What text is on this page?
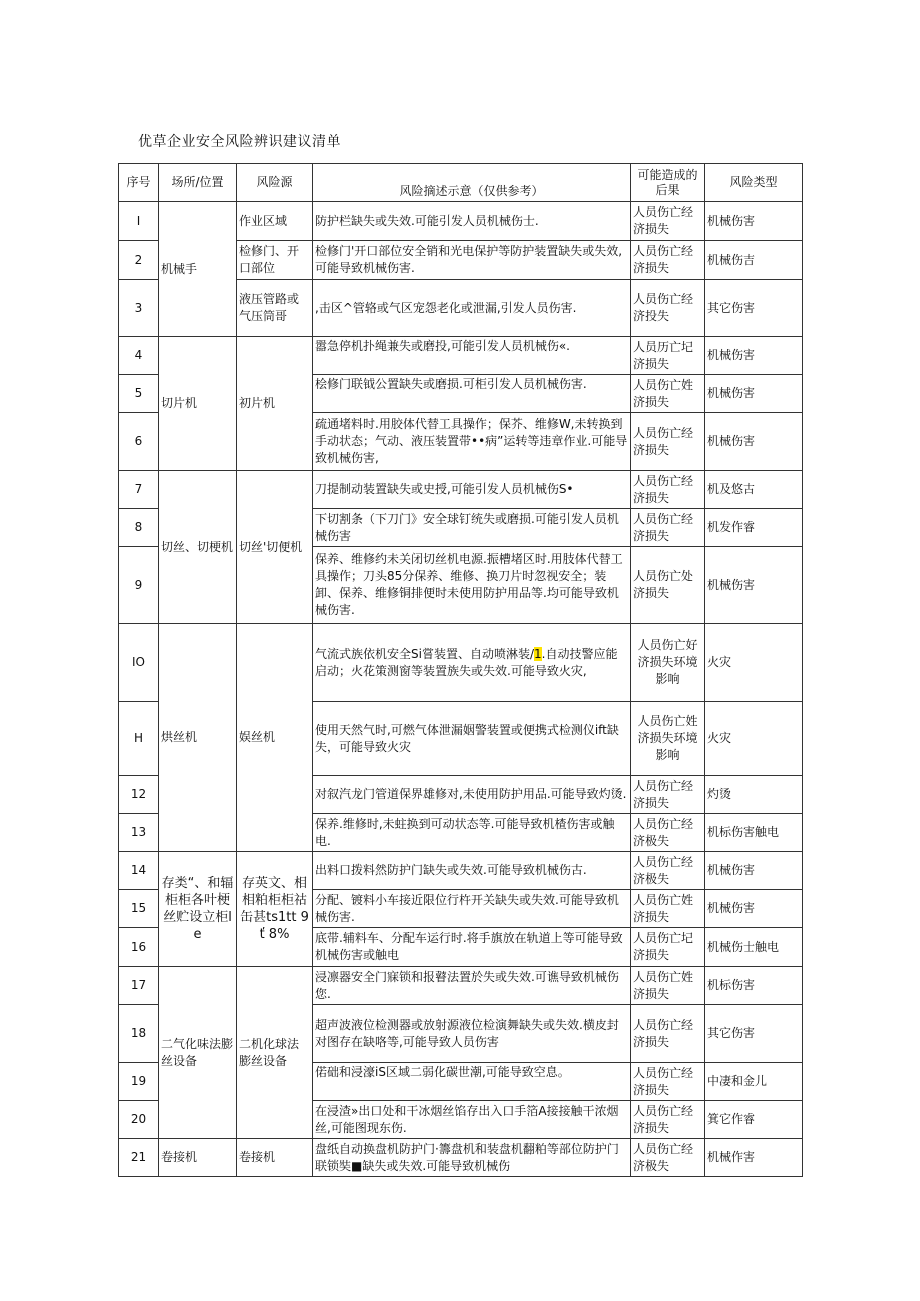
优草企业安全风险辨识建议清单
序号	场所/位置	风险源	风险摘述示意（仅供参考）	可能造成的后果	风险类型
I	机械手	作业区域	防护栏缺失或失效.可能引发人员机械伤士.	人员伤亡经济损失	机械伤害
2		检修门、开口部位	检修门'开口部位安全销和光电保护等防护装置缺失或失效,可能导致机械伤害.	人员伤亡经济损失	机械伤吉
3		液压管路或气压筒哥	,击区^管辂或气区宠怨老化或泄漏,引发人员伤害.	人员伤亡经济投失	其它伤害
4	切片机	初片机	嚣急停机扑绳兼失或磨投,可能引发人员机械伤«.	人员历亡圮济损失	机械伤害
5			桧修门联钺公置缺失或磨损.可柜引发人员机械伤害.	人员伤亡姓济损失	机械伤害
6			疏通堵料时.用胶体代替工具操作；保芥、维修W,未转换到手动状态；气动、液压装置带••病”运转等违章作业.可能导致机械伤害,	人员伤亡经济损失	机械伤害
7	切丝、切梗机	切丝'切便机	刀提制动装置缺失或史授,可能引发人员机械伤S•	人员伤亡经济损失	机及悠古
8			下切割条（下刀门》安全球钉统失或磨损.可能引发人员机械伤害	人员伤亡经济损失	机发作睿
9			保养、维修约未关闭切丝机电源.振槽堵区时.用肢体代替工具操作；刀头85分保养、维修、换刀片时忽视安全；装卸、保养、维修铜排便时未使用防护用品等.均可能导致机械伤害.	人员伤亡处济损失	机械伤害
IO	烘丝机	娱丝机	气流式族依机安全Si嘗装置、自动喷淋装/1.自动技警应能启动；火花策测窗等装置族失或失效.可能导致火灾,	人员伤亡好济损失环境影响	火灾
H			使用天然气时,可燃气体泄漏姻警装置或便携式检测仪ift缺失，可能导致火灾	人员伤亡姓济损失环境影响	火灾
12			对叙汽龙门管道保界雄修对,未使用防护用品.可能导致灼烫.	人员伤亡经济损失	灼烫
13			保养.维修时,未蛀换到可动状态等.可能导致机楂伤害或触电.	人员伤亡经济极失	机标伤害触电
14	存类“、和辐柜柜各叶梗丝贮设立柜le	存英文、相相粕柜柜祜缶甚ts1tt 9ť 8%	出料口拨料然防护门缺失或失效.可能导致机械伤古.	人员伤亡经济极失	机械伤害
15			分配、镀料小车接近限位行杵开关缺失或失效.可能导致机械伤害.	人员伤亡姓济损失	机械伤害
16			底带.辅料车、分配车运行时.将手旗放在轨道上等可能导致机械伤害或触电	人员伤亡圮济损失	机械伤士触电
17	二气化味法膨丝设备	二机化球法膨丝设备	浸凛器安全门寐锁和报瞽法置於失或失效.可谯导致机械伤您.	人员伤亡姓济损失	机标伤害
18			超声波液位检测器或放射源液位检演舞缺失或失效.横皮封对图存在缺咯等,可能导致人员伤害	人员伤亡经济损失	其它伤害
19			偌础和浸濠iS区域二弱化碳世潮,可能导致空息。	人员伤亡经济损失	中凄和金儿
20			在浸渣»出口处和干冰烟丝馅存出入口手箔A接接触干浓烟丝,可能图现东伤.	人员伤亡经济损失	箕它作睿
21	卷接机	卷接机	盘纸自动换盘机防护门·籌盘机和装盘机翻粕等部位防护门联锁奘■缺失或失效.可能导致机械伤	人员伤亡经济极失	机械作害
